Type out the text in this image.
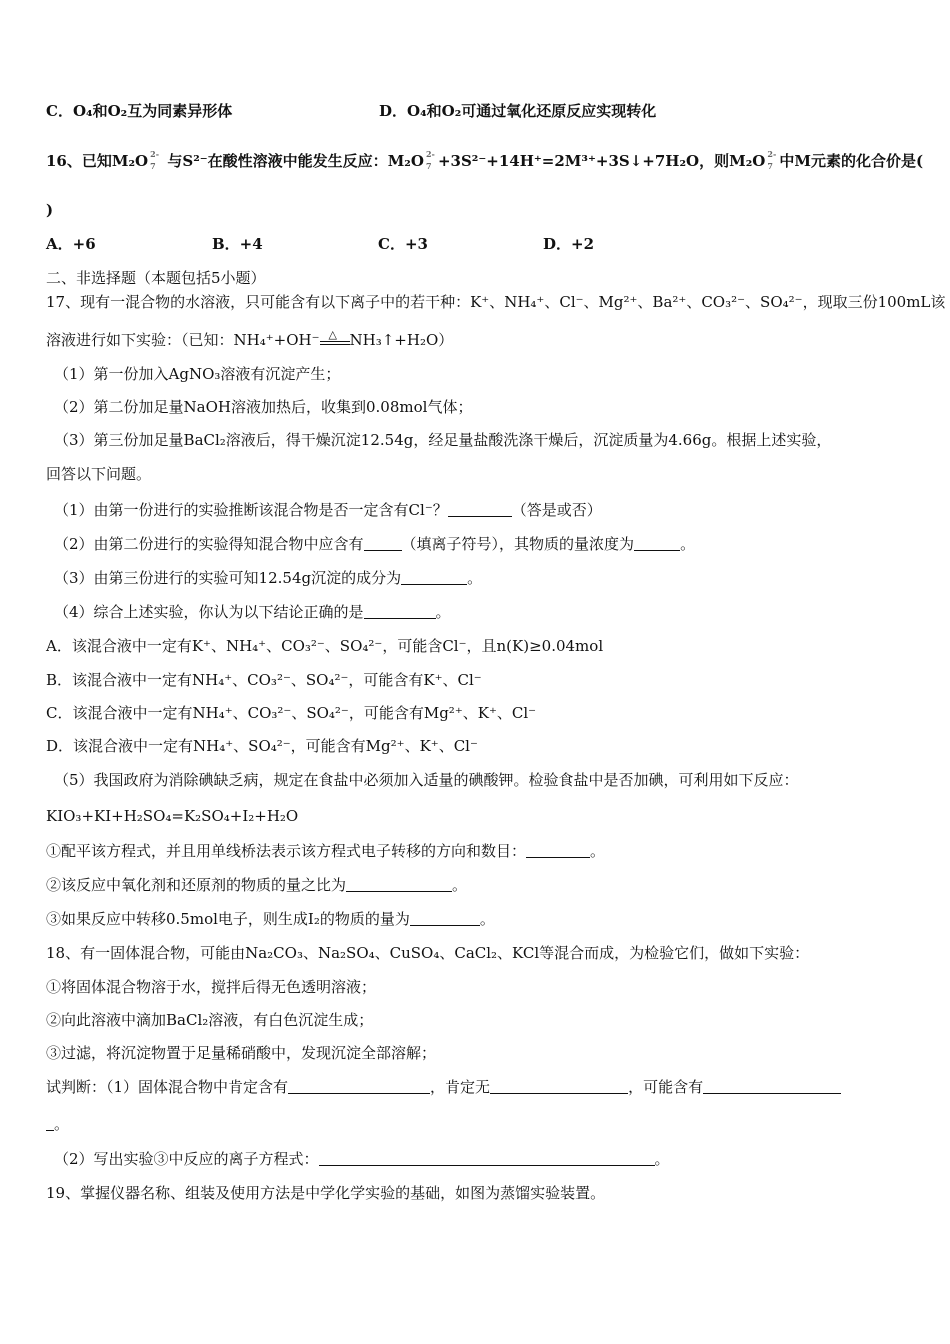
C．O₄和O₂互为同素异形体	D．O₄和O₂可通过氧化还原反应实现转化
16、已知M₂O 2-
7 与S²⁻在酸性溶液中能发生反应：M₂O 2-
7 +3S²⁻+14H⁺=2M³⁺+3S↓+7H₂O，则M₂O 2-
7 中M元素的化合价是(
)
A．+6	B．+4	C．+3	D．+2
二、非选择题（本题包括5小题）
17、现有一混合物的水溶液，只可能含有以下离子中的若干种：K⁺、NH₄⁺、Cl⁻、Mg²⁺、Ba²⁺、CO₃²⁻、SO₄²⁻，现取三份100mL该
溶液进行如下实验：（已知：NH₄⁺+OH⁻ △ NH₃↑+H₂O）
（1）第一份加入AgNO₃溶液有沉淀产生；
（2）第二份加足量NaOH溶液加热后，收集到0.08mol气体；
（3）第三份加足量BaCl₂溶液后，得干燥沉淀12.54g，经足量盐酸洗涤干燥后，沉淀质量为4.66g。根据上述实验，
回答以下问题。
（1）由第一份进行的实验推断该混合物是否一定含有Cl⁻？	（答是或否）
（2）由第二份进行的实验得知混合物中应含有	（填离子符号），其物质的量浓度为	。
（3）由第三份进行的实验可知12.54g沉淀的成分为	。
（4）综合上述实验，你认为以下结论正确的是	。
A．该混合液中一定有K⁺、NH₄⁺、CO₃²⁻、SO₄²⁻，可能含Cl⁻，且n(K)≥0.04mol
B．该混合液中一定有NH₄⁺、CO₃²⁻、SO₄²⁻，可能含有K⁺、Cl⁻
C．该混合液中一定有NH₄⁺、CO₃²⁻、SO₄²⁻，可能含有Mg²⁺、K⁺、Cl⁻
D．该混合液中一定有NH₄⁺、SO₄²⁻，可能含有Mg²⁺、K⁺、Cl⁻
（5）我国政府为消除碘缺乏病，规定在食盐中必须加入适量的碘酸钾。检验食盐中是否加碘，可利用如下反应：
KIO₃+KI+H₂SO₄=K₂SO₄+I₂+H₂O
①配平该方程式，并且用单线桥法表示该方程式电子转移的方向和数目：	。
②该反应中氧化剂和还原剂的物质的量之比为	。
③如果反应中转移0.5mol电子，则生成I₂的物质的量为	。
18、有一固体混合物，可能由Na₂CO₃、Na₂SO₄、CuSO₄、CaCl₂、KCl等混合而成，为检验它们，做如下实验：
①将固体混合物溶于水，搅拌后得无色透明溶液；
②向此溶液中滴加BaCl₂溶液，有白色沉淀生成；
③过滤，将沉淀物置于足量稀硝酸中，发现沉淀全部溶解；
试判断：（1）固体混合物中肯定含有	，肯定无	，可能含有
。
（2）写出实验③中反应的离子方程式：	。
19、掌握仪器名称、组装及使用方法是中学化学实验的基础，如图为蒸馏实验装置。
